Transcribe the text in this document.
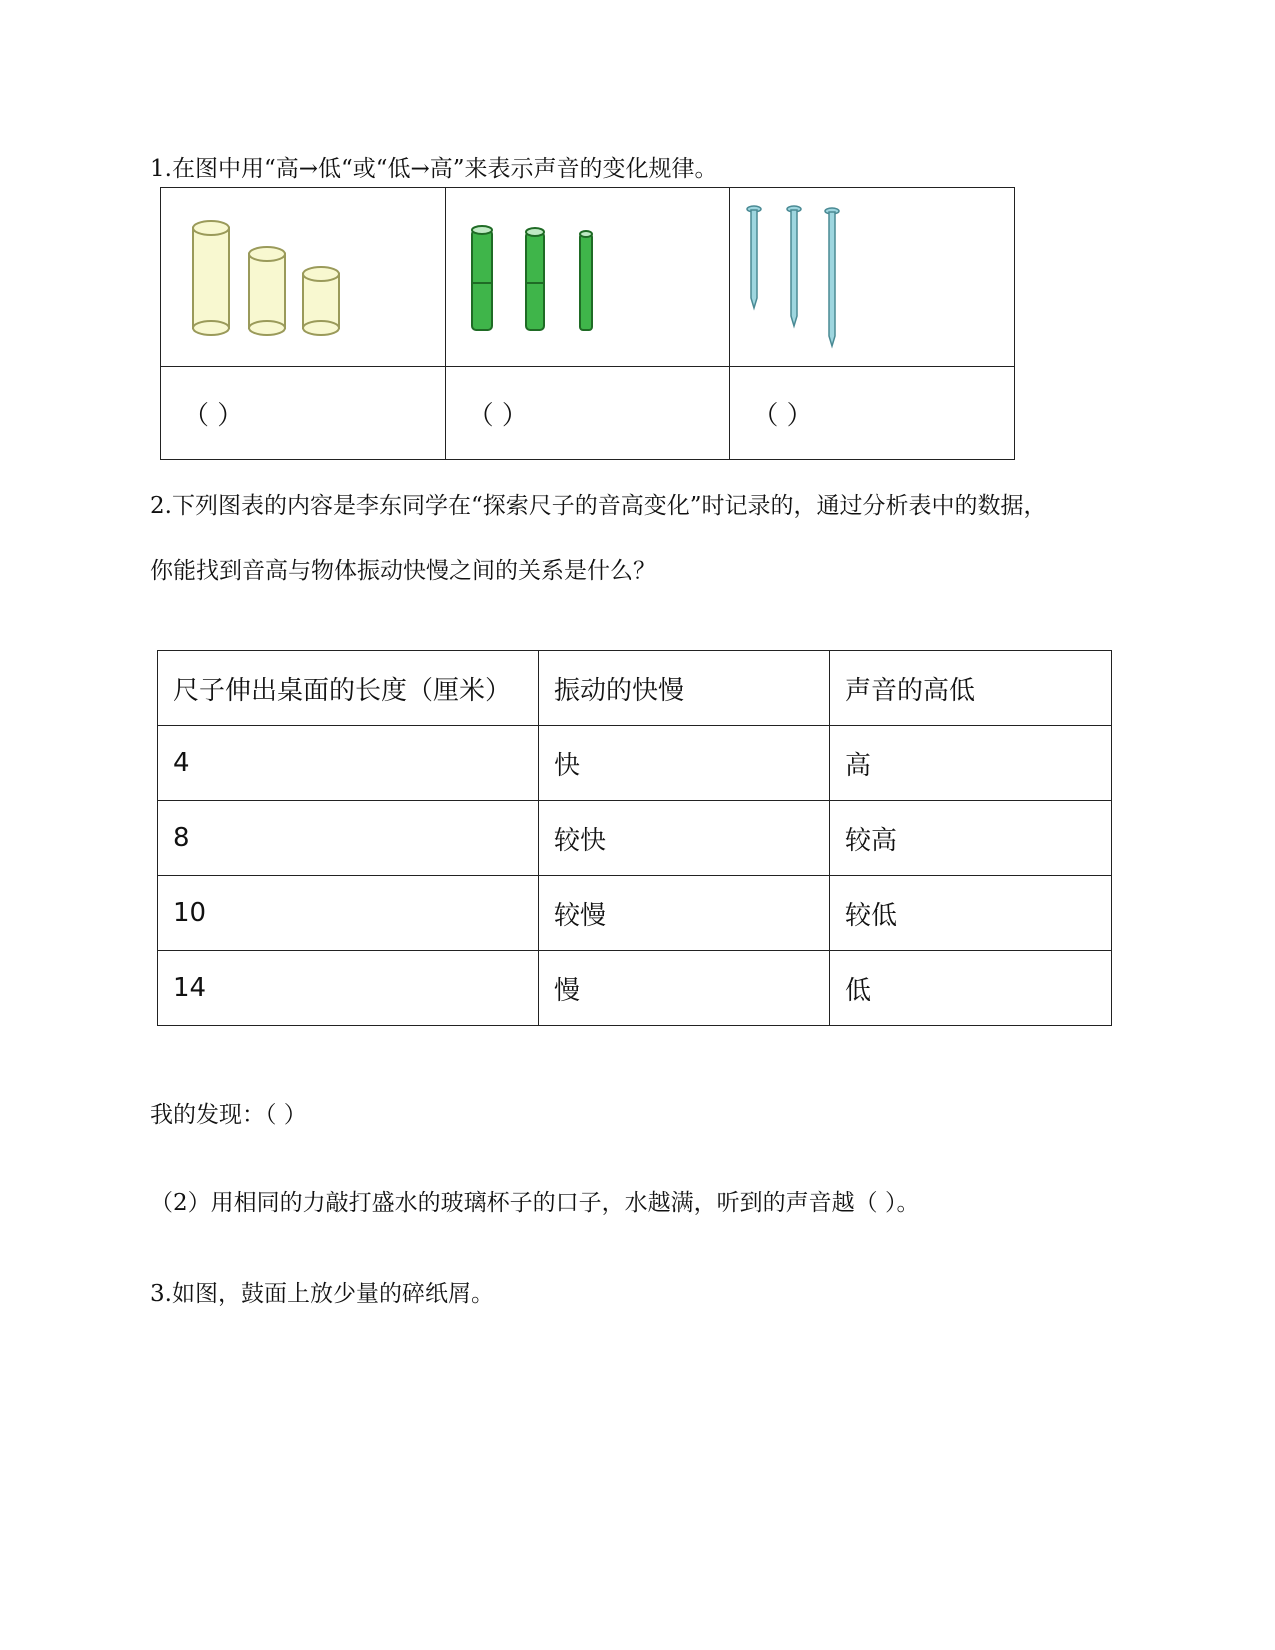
1.在图中用“高→低“或“低→高”来表示声音的变化规律。

（ ）	（ ）	（ ）
2.下列图表的内容是李东同学在“探索尺子的音高变化”时记录的，通过分析表中的数据，
你能找到音高与物体振动快慢之间的关系是什么？
尺子伸出桌面的长度（厘米）	振动的快慢	声音的高低
4	快	高
8	较快	较高
10	较慢	较低
14	慢	低
我的发现：（ ）
（2）用相同的力敲打盛水的玻璃杯子的口子，水越满，听到的声音越（ ）。
3.如图，鼓面上放少量的碎纸屑。
